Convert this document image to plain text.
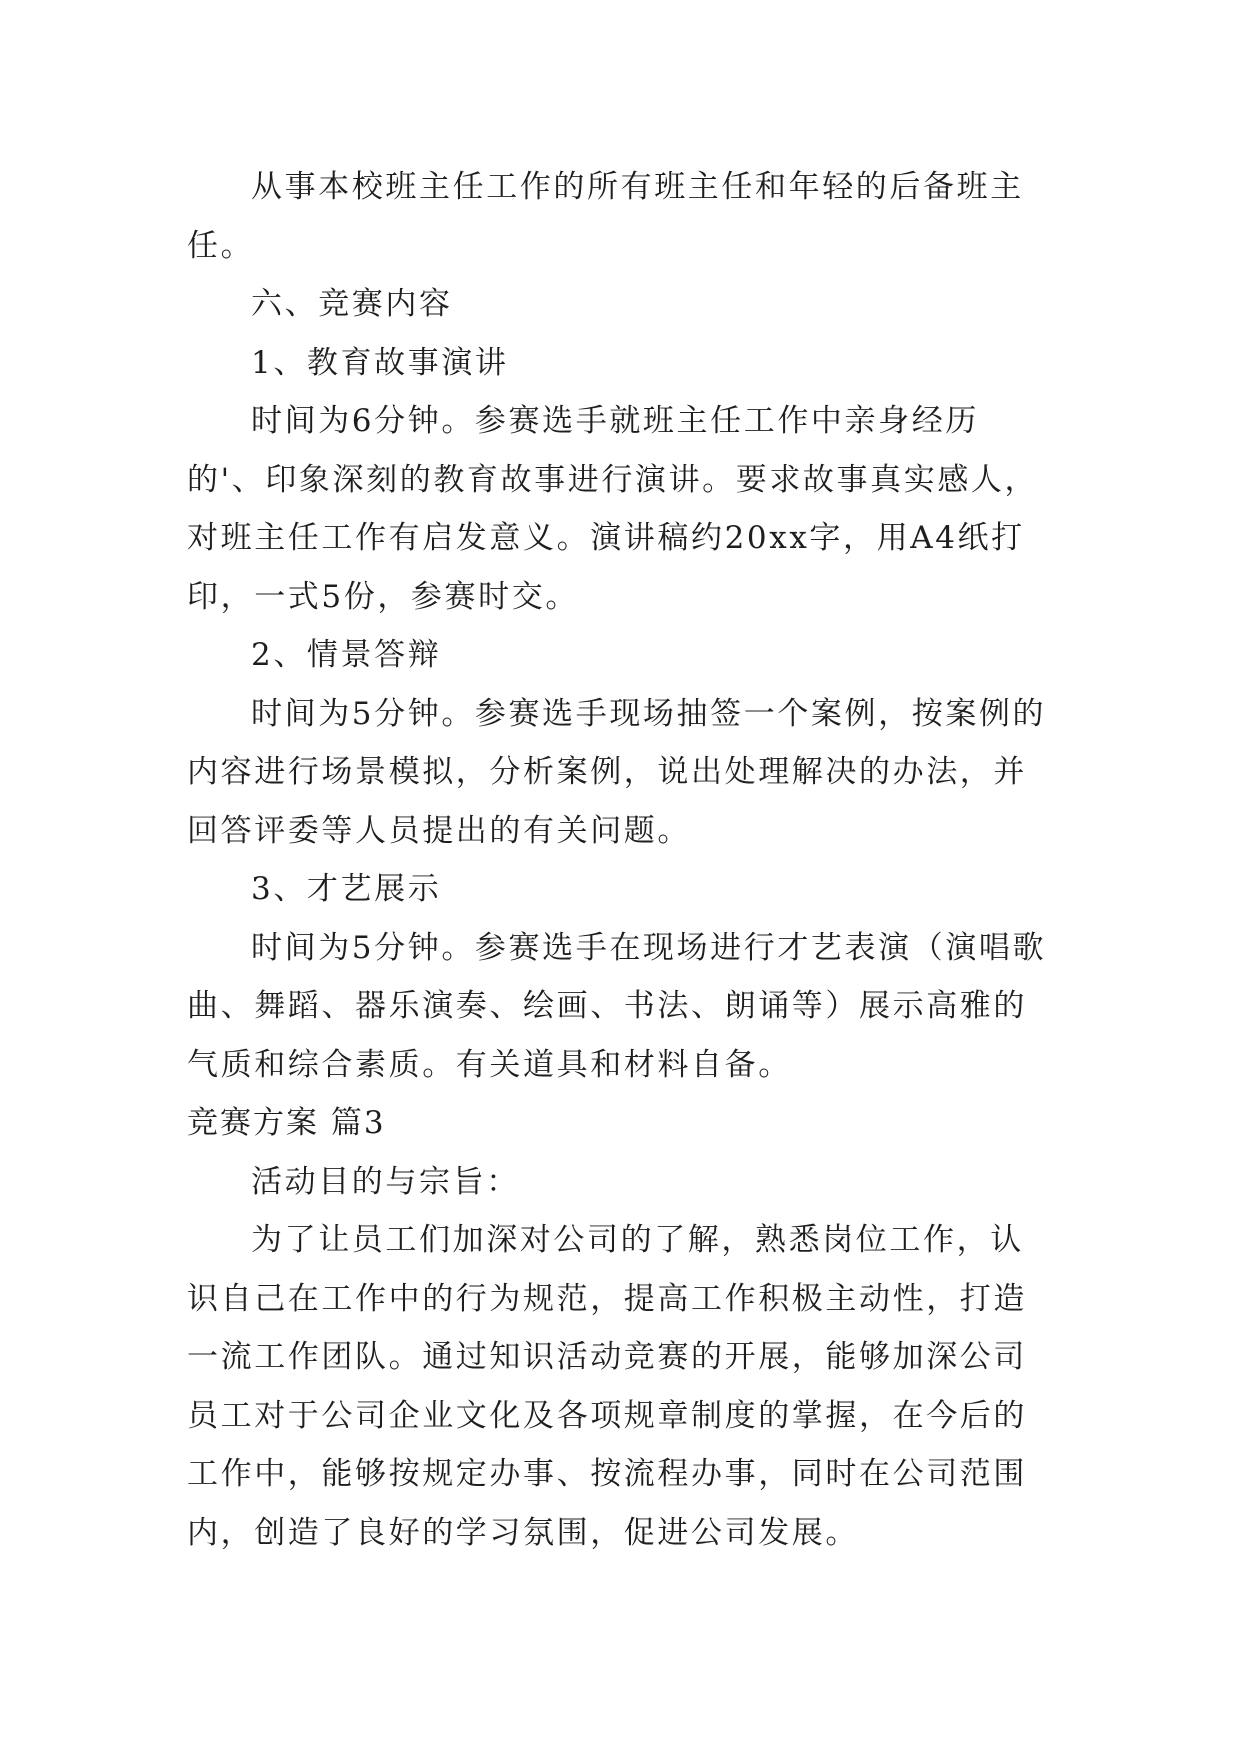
从事本校班主任工作的所有班主任和年轻的后备班主任。

六、竞赛内容

1、教育故事演讲

时间为6分钟。参赛选手就班主任工作中亲身经历的'、印象深刻的教育故事进行演讲。要求故事真实感人，对班主任工作有启发意义。演讲稿约20xx字，用A4纸打印，一式5份，参赛时交。

2、情景答辩

时间为5分钟。参赛选手现场抽签一个案例，按案例的内容进行场景模拟，分析案例，说出处理解决的办法，并回答评委等人员提出的有关问题。

3、才艺展示

时间为5分钟。参赛选手在现场进行才艺表演（演唱歌曲、舞蹈、器乐演奏、绘画、书法、朗诵等）展示高雅的气质和综合素质。有关道具和材料自备。

竞赛方案 篇3

活动目的与宗旨：

为了让员工们加深对公司的了解，熟悉岗位工作，认识自己在工作中的行为规范，提高工作积极主动性，打造一流工作团队。通过知识活动竞赛的开展，能够加深公司员工对于公司企业文化及各项规章制度的掌握，在今后的工作中，能够按规定办事、按流程办事，同时在公司范围内，创造了良好的学习氛围，促进公司发展。
